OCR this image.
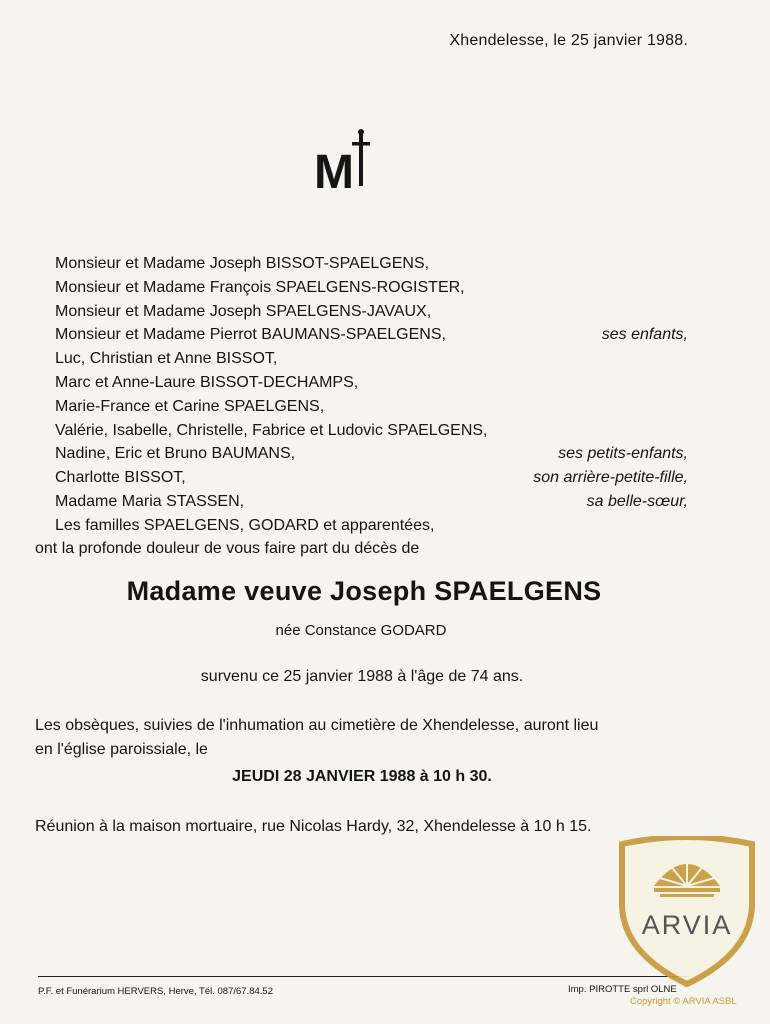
Xhendelesse, le 25 janvier 1988.
M
Monsieur et Madame Joseph BISSOT-SPAELGENS,
Monsieur et Madame François SPAELGENS-ROGISTER,
Monsieur et Madame Joseph SPAELGENS-JAVAUX,
Monsieur et Madame Pierrot BAUMANS-SPAELGENS,	ses enfants,
Luc, Christian et Anne BISSOT,
Marc et Anne-Laure BISSOT-DECHAMPS,
Marie-France et Carine SPAELGENS,
Valérie, Isabelle, Christelle, Fabrice et Ludovic SPAELGENS,
Nadine, Eric et Bruno BAUMANS,	ses petits-enfants,
Charlotte BISSOT,	son arrière-petite-fille,
Madame Maria STASSEN,	sa belle-sœur,
Les familles SPAELGENS, GODARD et apparentées,
ont la profonde douleur de vous faire part du décès de
Madame veuve Joseph SPAELGENS
née Constance GODARD
survenu ce 25 janvier 1988 à l'âge de 74 ans.
Les obsèques, suivies de l'inhumation au cimetière de Xhendelesse, auront lieu
en l'église paroissiale, le
JEUDI 28 JANVIER 1988 à 10 h 30.
Réunion à la maison mortuaire, rue Nicolas Hardy, 32, Xhendelesse à 10 h 15.
P.F. et Funérarium HERVERS, Herve, Tél. 087/67.84.52	Imp. PIROTTE sprl OLNE
ARVIA
Copyright © ARVIA ASBL
